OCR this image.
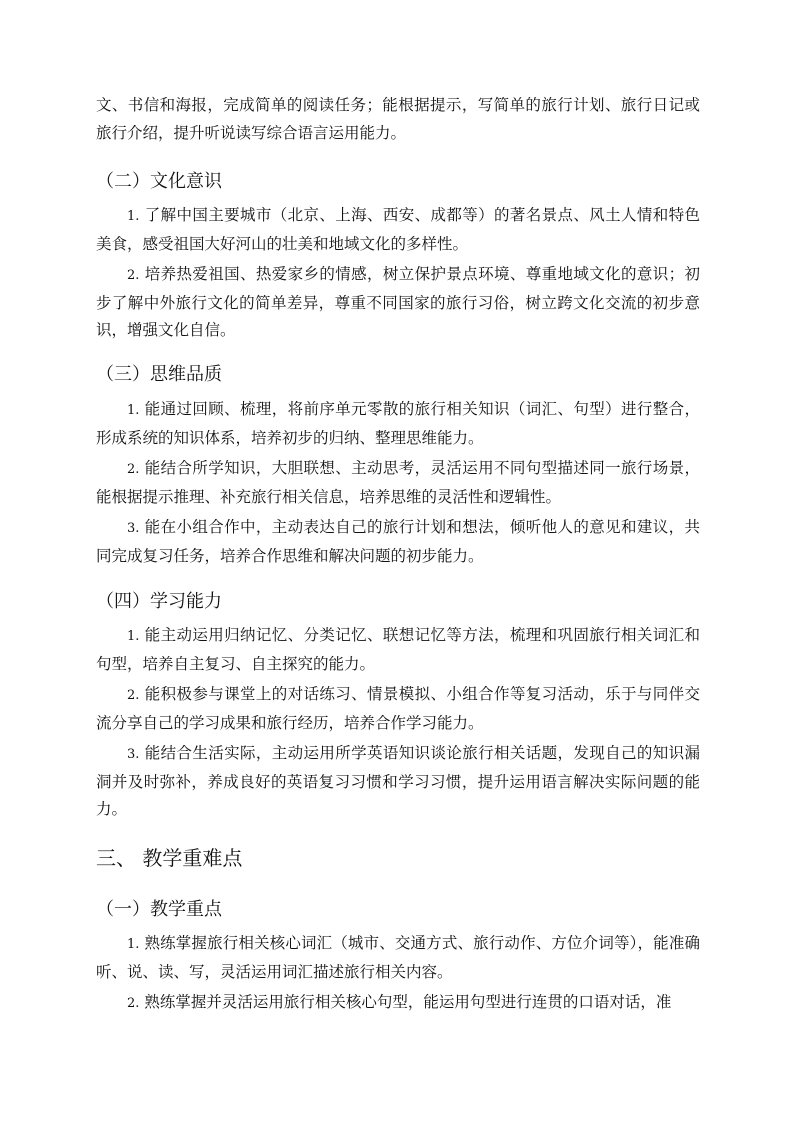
文、书信和海报，完成简单的阅读任务；能根据提示，写简单的旅行计划、旅行日记或旅行介绍，提升听说读写综合语言运用能力。

（二）文化意识

1. 了解中国主要城市（北京、上海、西安、成都等）的著名景点、风土人情和特色美食，感受祖国大好河山的壮美和地域文化的多样性。

2. 培养热爱祖国、热爱家乡的情感，树立保护景点环境、尊重地域文化的意识；初步了解中外旅行文化的简单差异，尊重不同国家的旅行习俗，树立跨文化交流的初步意识，增强文化自信。

（三）思维品质

1. 能通过回顾、梳理，将前序单元零散的旅行相关知识（词汇、句型）进行整合，形成系统的知识体系，培养初步的归纳、整理思维能力。

2. 能结合所学知识，大胆联想、主动思考，灵活运用不同句型描述同一旅行场景，能根据提示推理、补充旅行相关信息，培养思维的灵活性和逻辑性。

3. 能在小组合作中，主动表达自己的旅行计划和想法，倾听他人的意见和建议，共同完成复习任务，培养合作思维和解决问题的初步能力。

（四）学习能力

1. 能主动运用归纳记忆、分类记忆、联想记忆等方法，梳理和巩固旅行相关词汇和句型，培养自主复习、自主探究的能力。

2. 能积极参与课堂上的对话练习、情景模拟、小组合作等复习活动，乐于与同伴交流分享自己的学习成果和旅行经历，培养合作学习能力。

3. 能结合生活实际，主动运用所学英语知识谈论旅行相关话题，发现自己的知识漏洞并及时弥补，养成良好的英语复习习惯和学习习惯，提升运用语言解决实际问题的能力。

三、 教学重难点
（一）教学重点

1. 熟练掌握旅行相关核心词汇（城市、交通方式、旅行动作、方位介词等），能准确听、说、读、写，灵活运用词汇描述旅行相关内容。

2. 熟练掌握并灵活运用旅行相关核心句型，能运用句型进行连贯的口语对话，准
